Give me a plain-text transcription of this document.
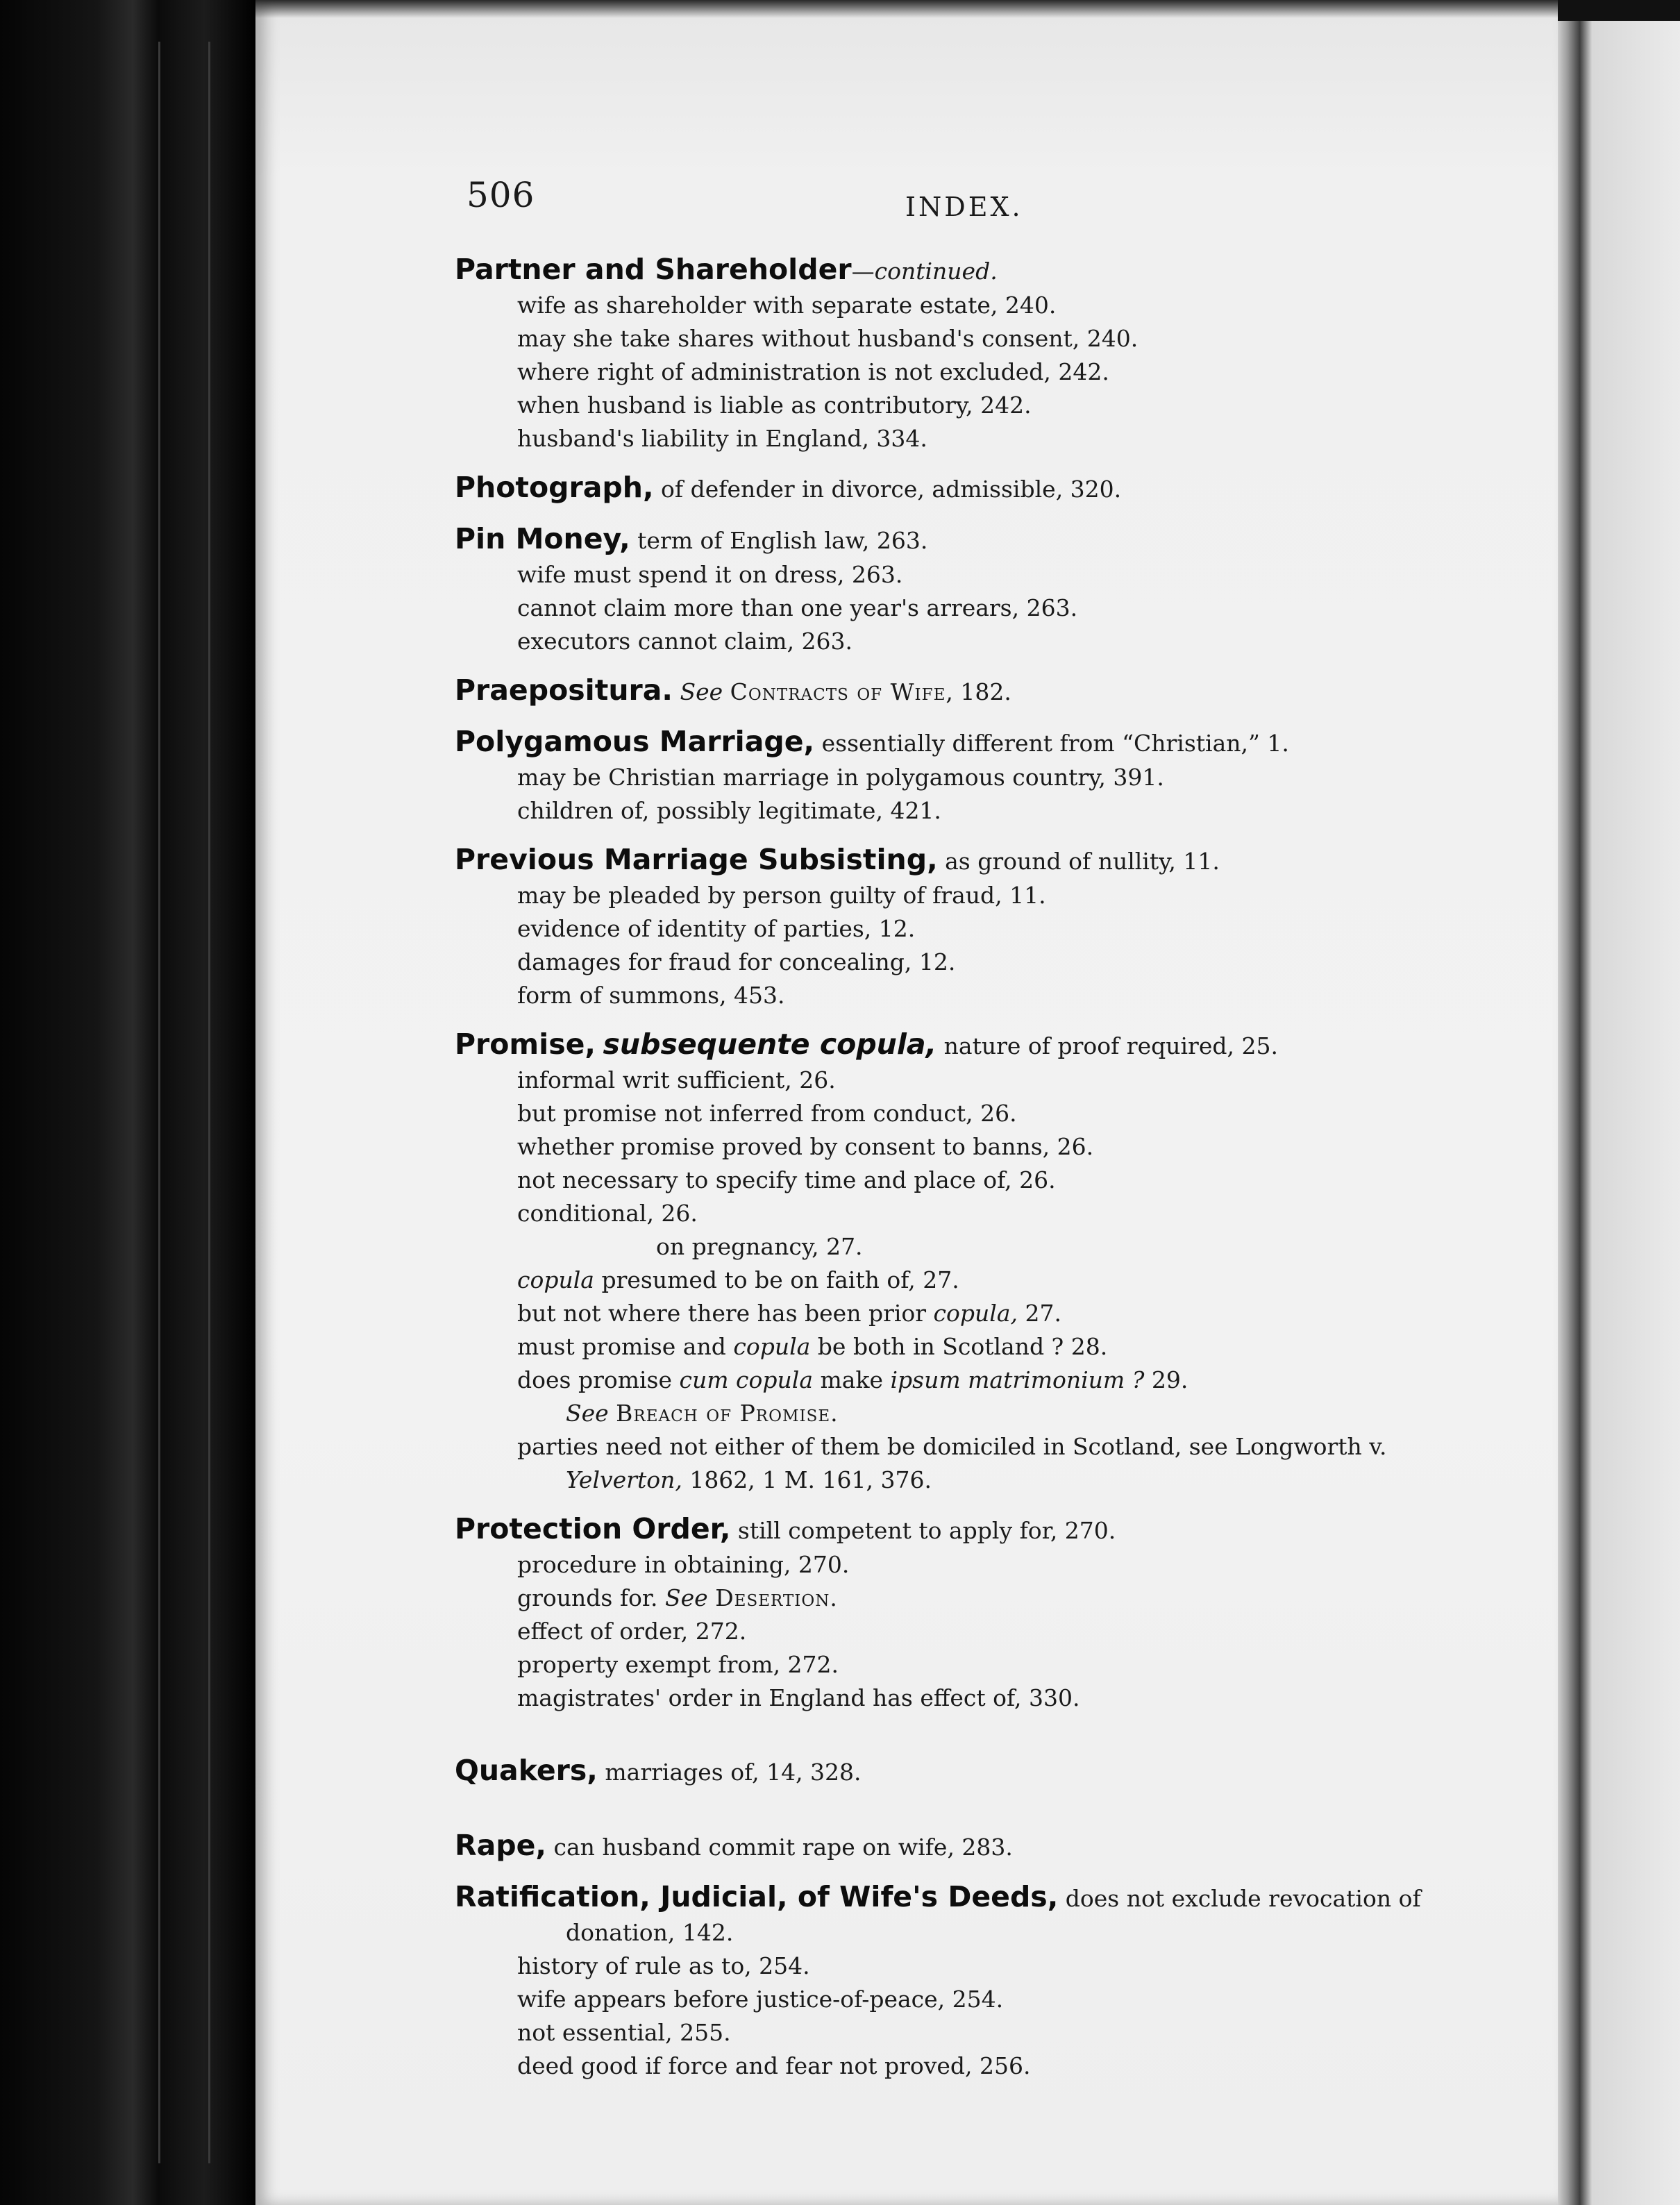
506	INDEX.

Partner and Shareholder—continued.

wife as shareholder with separate estate, 240.

may she take shares without husband's consent, 240.

where right of administration is not excluded, 242.

when husband is liable as contributory, 242.

husband's liability in England, 334.

Photograph, of defender in divorce, admissible, 320.

Pin Money, term of English law, 263.

wife must spend it on dress, 263.

cannot claim more than one year's arrears, 263.

executors cannot claim, 263.

Praepositura. See Contracts of Wife, 182.

Polygamous Marriage, essentially different from “Christian,” 1.

may be Christian marriage in polygamous country, 391.

children of, possibly legitimate, 421.

Previous Marriage Subsisting, as ground of nullity, 11.

may be pleaded by person guilty of fraud, 11.

evidence of identity of parties, 12.

damages for fraud for concealing, 12.

form of summons, 453.

Promise, subsequente copula, nature of proof required, 25.

informal writ sufficient, 26.

but promise not inferred from conduct, 26.

whether promise proved by consent to banns, 26.

not necessary to specify time and place of, 26.

conditional, 26.

on pregnancy, 27.

copula presumed to be on faith of, 27.

but not where there has been prior copula, 27.

must promise and copula be both in Scotland ? 28.

does promise cum copula make ipsum matrimonium ? 29.

See Breach of Promise.

parties need not either of them be domiciled in Scotland, see Longworth v.

Yelverton, 1862, 1 M. 161, 376.

Protection Order, still competent to apply for, 270.

procedure in obtaining, 270.

grounds for. See Desertion.

effect of order, 272.

property exempt from, 272.

magistrates' order in England has effect of, 330.

Quakers, marriages of, 14, 328.

Rape, can husband commit rape on wife, 283.

Ratification, Judicial, of Wife's Deeds, does not exclude revocation of

donation, 142.

history of rule as to, 254.

wife appears before justice-of-peace, 254.

not essential, 255.

deed good if force and fear not proved, 256.
